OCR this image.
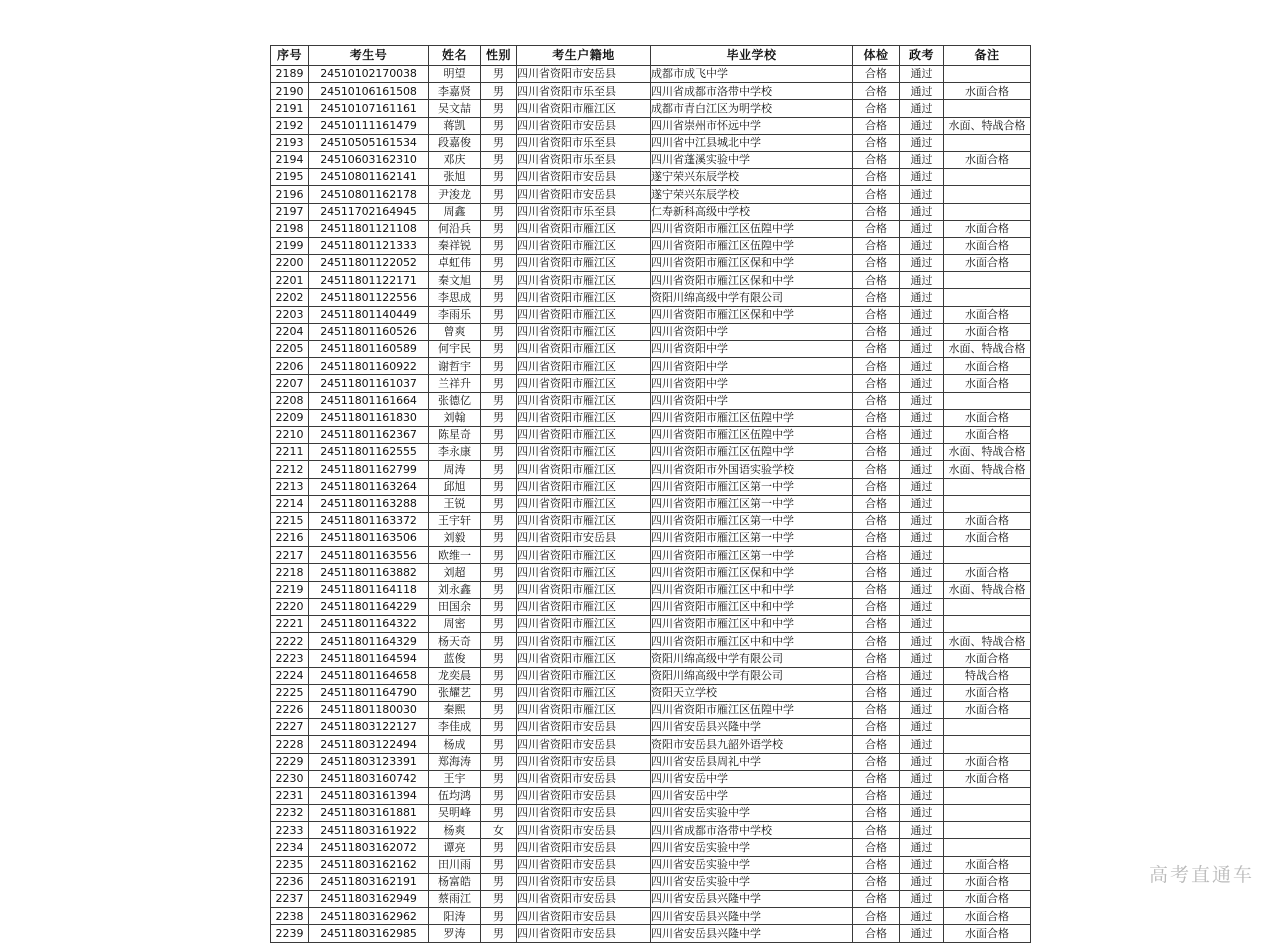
序号	考生号	姓名	性别	考生户籍地	毕业学校	体检	政考	备注
2189	24510102170038	明望	男	四川省资阳市安岳县	成都市成飞中学	合格	通过	
2190	24510106161508	李嘉贤	男	四川省资阳市乐至县	四川省成都市洛带中学校	合格	通过	水面合格
2191	24510107161161	吴文喆	男	四川省资阳市雁江区	成都市青白江区为明学校	合格	通过	
2192	24510111161479	蒋凯	男	四川省资阳市安岳县	四川省崇州市怀远中学	合格	通过	水面、特战合格
2193	24510505161534	段嘉俊	男	四川省资阳市乐至县	四川省中江县城北中学	合格	通过	
2194	24510603162310	邓庆	男	四川省资阳市乐至县	四川省蓬溪实验中学	合格	通过	水面合格
2195	24510801162141	张旭	男	四川省资阳市安岳县	遂宁荣兴东辰学校	合格	通过	
2196	24510801162178	尹浚龙	男	四川省资阳市安岳县	遂宁荣兴东辰学校	合格	通过	
2197	24511702164945	周鑫	男	四川省资阳市乐至县	仁寿新科高级中学校	合格	通过	
2198	24511801121108	何沿兵	男	四川省资阳市雁江区	四川省资阳市雁江区伍隍中学	合格	通过	水面合格
2199	24511801121333	秦祥锐	男	四川省资阳市雁江区	四川省资阳市雁江区伍隍中学	合格	通过	水面合格
2200	24511801122052	卓虹伟	男	四川省资阳市雁江区	四川省资阳市雁江区保和中学	合格	通过	水面合格
2201	24511801122171	秦文旭	男	四川省资阳市雁江区	四川省资阳市雁江区保和中学	合格	通过	
2202	24511801122556	李思成	男	四川省资阳市雁江区	资阳川绵高级中学有限公司	合格	通过	
2203	24511801140449	李雨乐	男	四川省资阳市雁江区	四川省资阳市雁江区保和中学	合格	通过	水面合格
2204	24511801160526	曾爽	男	四川省资阳市雁江区	四川省资阳中学	合格	通过	水面合格
2205	24511801160589	何宇民	男	四川省资阳市雁江区	四川省资阳中学	合格	通过	水面、特战合格
2206	24511801160922	谢哲宇	男	四川省资阳市雁江区	四川省资阳中学	合格	通过	水面合格
2207	24511801161037	兰祥升	男	四川省资阳市雁江区	四川省资阳中学	合格	通过	水面合格
2208	24511801161664	张德亿	男	四川省资阳市雁江区	四川省资阳中学	合格	通过	
2209	24511801161830	刘翰	男	四川省资阳市雁江区	四川省资阳市雁江区伍隍中学	合格	通过	水面合格
2210	24511801162367	陈星奇	男	四川省资阳市雁江区	四川省资阳市雁江区伍隍中学	合格	通过	水面合格
2211	24511801162555	李永康	男	四川省资阳市雁江区	四川省资阳市雁江区伍隍中学	合格	通过	水面、特战合格
2212	24511801162799	周涛	男	四川省资阳市雁江区	四川省资阳市外国语实验学校	合格	通过	水面、特战合格
2213	24511801163264	邱旭	男	四川省资阳市雁江区	四川省资阳市雁江区第一中学	合格	通过	
2214	24511801163288	王锐	男	四川省资阳市雁江区	四川省资阳市雁江区第一中学	合格	通过	
2215	24511801163372	王宇轩	男	四川省资阳市雁江区	四川省资阳市雁江区第一中学	合格	通过	水面合格
2216	24511801163506	刘毅	男	四川省资阳市安岳县	四川省资阳市雁江区第一中学	合格	通过	水面合格
2217	24511801163556	欧维一	男	四川省资阳市雁江区	四川省资阳市雁江区第一中学	合格	通过	
2218	24511801163882	刘超	男	四川省资阳市雁江区	四川省资阳市雁江区保和中学	合格	通过	水面合格
2219	24511801164118	刘永鑫	男	四川省资阳市雁江区	四川省资阳市雁江区中和中学	合格	通过	水面、特战合格
2220	24511801164229	田国余	男	四川省资阳市雁江区	四川省资阳市雁江区中和中学	合格	通过	
2221	24511801164322	周密	男	四川省资阳市雁江区	四川省资阳市雁江区中和中学	合格	通过	
2222	24511801164329	杨天奇	男	四川省资阳市雁江区	四川省资阳市雁江区中和中学	合格	通过	水面、特战合格
2223	24511801164594	蓝俊	男	四川省资阳市雁江区	资阳川绵高级中学有限公司	合格	通过	水面合格
2224	24511801164658	龙奕晨	男	四川省资阳市雁江区	资阳川绵高级中学有限公司	合格	通过	特战合格
2225	24511801164790	张耀艺	男	四川省资阳市雁江区	资阳天立学校	合格	通过	水面合格
2226	24511801180030	秦熙	男	四川省资阳市雁江区	四川省资阳市雁江区伍隍中学	合格	通过	水面合格
2227	24511803122127	李佳成	男	四川省资阳市安岳县	四川省安岳县兴隆中学	合格	通过	
2228	24511803122494	杨成	男	四川省资阳市安岳县	资阳市安岳县九韶外语学校	合格	通过	
2229	24511803123391	郑海涛	男	四川省资阳市安岳县	四川省安岳县周礼中学	合格	通过	水面合格
2230	24511803160742	王宇	男	四川省资阳市安岳县	四川省安岳中学	合格	通过	水面合格
2231	24511803161394	伍均鸿	男	四川省资阳市安岳县	四川省安岳中学	合格	通过	
2232	24511803161881	吴明峰	男	四川省资阳市安岳县	四川省安岳实验中学	合格	通过	
2233	24511803161922	杨爽	女	四川省资阳市安岳县	四川省成都市洛带中学校	合格	通过	
2234	24511803162072	谭亮	男	四川省资阳市安岳县	四川省安岳实验中学	合格	通过	
2235	24511803162162	田川雨	男	四川省资阳市安岳县	四川省安岳实验中学	合格	通过	水面合格
2236	24511803162191	杨富皓	男	四川省资阳市安岳县	四川省安岳实验中学	合格	通过	水面合格
2237	24511803162949	蔡雨江	男	四川省资阳市安岳县	四川省安岳县兴隆中学	合格	通过	水面合格
2238	24511803162962	阳涛	男	四川省资阳市安岳县	四川省安岳县兴隆中学	合格	通过	水面合格
2239	24511803162985	罗涛	男	四川省资阳市安岳县	四川省安岳县兴隆中学	合格	通过	水面合格
高考直通车
